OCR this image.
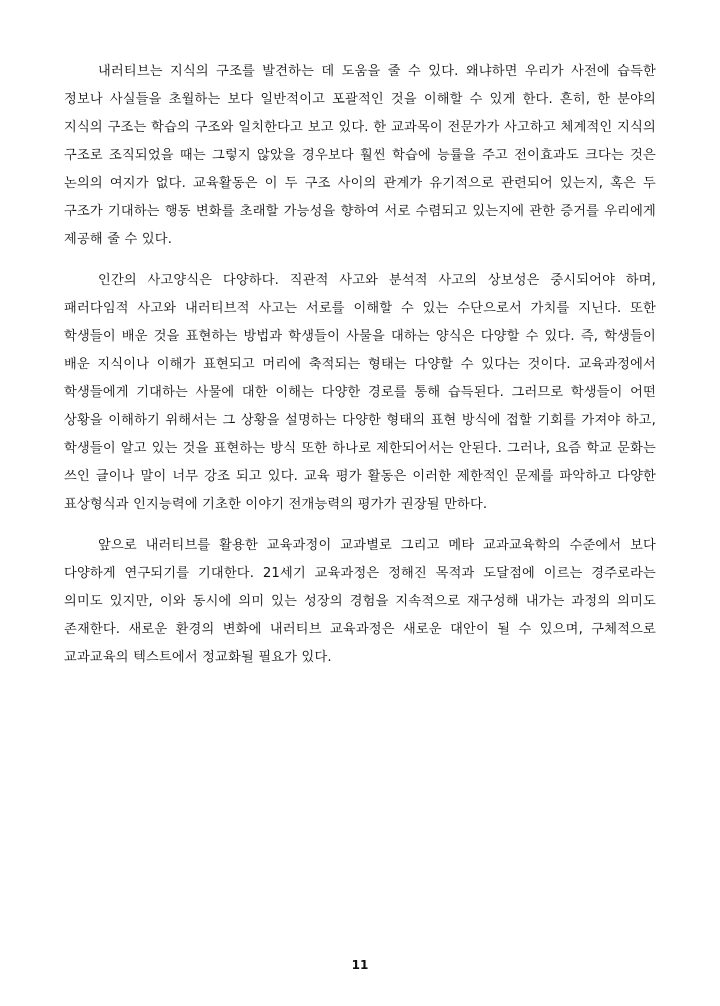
내러티브는 지식의 구조를 발견하는 데 도움을 줄 수 있다. 왜냐하면 우리가 사전에 습득한 정보나 사실들을 초월하는 보다 일반적이고 포괄적인 것을 이해할 수 있게 한다. 흔히, 한 분야의 지식의 구조는 학습의 구조와 일치한다고 보고 있다. 한 교과목이 전문가가 사고하고 체계적인 지식의 구조로 조직되었을 때는 그렇지 않았을 경우보다 훨씬 학습에 능률을 주고 전이효과도 크다는 것은 논의의 여지가 없다. 교육활동은 이 두 구조 사이의 관계가 유기적으로 관련되어 있는지, 혹은 두 구조가 기대하는 행동 변화를 초래할 가능성을 향하여 서로 수렴되고 있는지에 관한 증거를 우리에게 제공해 줄 수 있다.

인간의 사고양식은 다양하다. 직관적 사고와 분석적 사고의 상보성은 중시되어야 하며, 패러다임적 사고와 내러티브적 사고는 서로를 이해할 수 있는 수단으로서 가치를 지닌다. 또한 학생들이 배운 것을 표현하는 방법과 학생들이 사물을 대하는 양식은 다양할 수 있다. 즉, 학생들이 배운 지식이나 이해가 표현되고 머리에 축적되는 형태는 다양할 수 있다는 것이다. 교육과정에서 학생들에게 기대하는 사물에 대한 이해는 다양한 경로를 통해 습득된다. 그러므로 학생들이 어떤 상황을 이해하기 위해서는 그 상황을 설명하는 다양한 형태의 표현 방식에 접할 기회를 가져야 하고, 학생들이 알고 있는 것을 표현하는 방식 또한 하나로 제한되어서는 안된다. 그러나, 요즘 학교 문화는 쓰인 글이나 말이 너무 강조 되고 있다. 교육 평가 활동은 이러한 제한적인 문제를 파악하고 다양한 표상형식과 인지능력에 기초한 이야기 전개능력의 평가가 권장될 만하다.

앞으로 내러티브를 활용한 교육과정이 교과별로 그리고 메타 교과교육학의 수준에서 보다 다양하게 연구되기를 기대한다. 21세기 교육과정은 정해진 목적과 도달점에 이르는 경주로라는 의미도 있지만, 이와 동시에 의미 있는 성장의 경험을 지속적으로 재구성해 내가는 과정의 의미도 존재한다. 새로운 환경의 변화에 내러티브 교육과정은 새로운 대안이 될 수 있으며, 구체적으로 교과교육의 텍스트에서 정교화될 필요가 있다.

11
